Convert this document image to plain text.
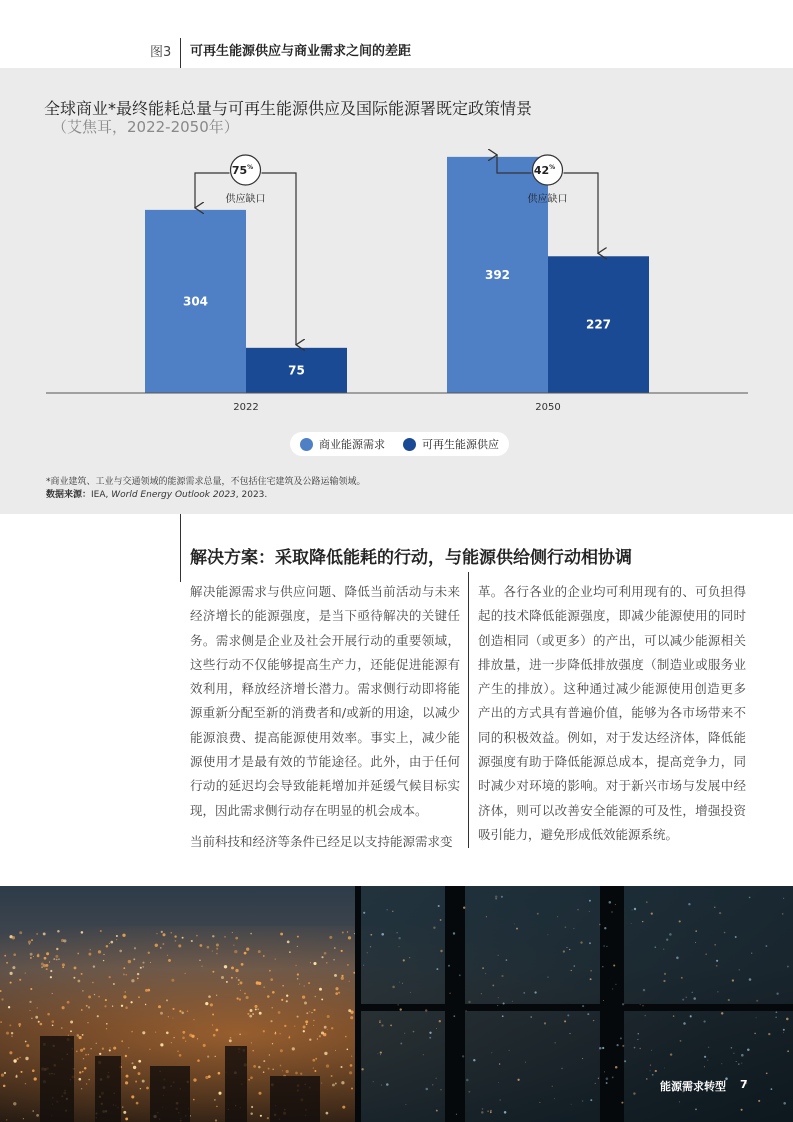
图3 可再生能源供应与商业需求之间的差距
全球商业*最终能耗总量与可再生能源供应及国际能源署既定政策情景
（艾焦耳，2022-2050年）
304
75
392
227
75%
供应缺口
42%
供应缺口
2022	2050
商业能源需求	可再生能源供应
*商业建筑、工业与交通领域的能源需求总量，不包括住宅建筑及公路运输领域。
数据来源：IEA, World Energy Outlook 2023, 2023.
解决方案：采取降低能耗的行动，与能源供给侧行动相协调

解决能源需求与供应问题、降低当前活动与未来经济增长的能源强度，是当下亟待解决的关键任务。需求侧是企业及社会开展行动的重要领域，这些行动不仅能够提高生产力，还能促进能源有效利用，释放经济增长潜力。需求侧行动即将能源重新分配至新的消费者和/或新的用途，以减少能源浪费、提高能源使用效率。事实上，减少能源使用才是最有效的节能途径。此外，由于任何行动的延迟均会导致能耗增加并延缓气候目标实现，因此需求侧行动存在明显的机会成本。

当前科技和经济等条件已经足以支持能源需求变

革。各行各业的企业均可利用现有的、可负担得起的技术降低能源强度，即减少能源使用的同时创造相同（或更多）的产出，可以减少能源相关排放量，进一步降低排放强度（制造业或服务业产生的排放）。这种通过减少能源使用创造更多产出的方式具有普遍价值，能够为各市场带来不同的积极效益。例如，对于发达经济体，降低能源强度有助于降低能源总成本，提高竞争力，同时减少对环境的影响。对于新兴市场与发展中经济体，则可以改善安全能源的可及性，增强投资吸引能力，避免形成低效能源系统。

能源需求转型 7
